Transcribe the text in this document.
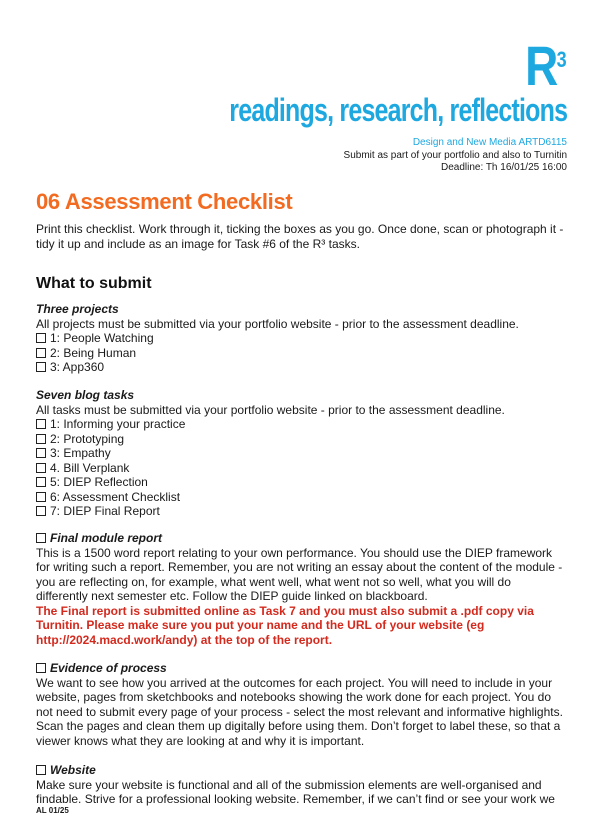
$R^3$
readings, research, reflections
Design and New Media ARTD6115
Submit as part of your portfolio and also to Turnitin
Deadline: Th 16/01/25 16:00
06 Assessment Checklist
Print this checklist. Work through it, ticking the boxes as you go. Once done, scan or photograph it - tidy it up and include as an image for Task #6 of the R³ tasks.
What to submit
Three projects
All projects must be submitted via your portfolio website - prior to the assessment deadline.
1: People Watching
2: Being Human
3: App360
Seven blog tasks
All tasks must be submitted via your portfolio website - prior to the assessment deadline.
1: Informing your practice
2: Prototyping
3: Empathy
4. Bill Verplank
5: DIEP Reflection
6: Assessment Checklist
7: DIEP Final Report
Final module report
This is a 1500 word report relating to your own performance. You should use the DIEP framework for writing such a report. Remember, you are not writing an essay about the content of the module - you are reflecting on, for example, what went well, what went not so well, what you will do differently next semester etc. Follow the DIEP guide linked on blackboard.
The Final report is submitted online as Task 7 and you must also submit a .pdf copy via Turnitin. Please make sure you put your name and the URL of your website (eg http://2024.macd.work/andy) at the top of the report.
Evidence of process
We want to see how you arrived at the outcomes for each project. You will need to include in your website, pages from sketchbooks and notebooks showing the work done for each project. You do not need to submit every page of your process - select the most relevant and informative highlights. Scan the pages and clean them up digitally before using them. Don’t forget to label these, so that a viewer knows what they are looking at and why it is important.
Website
Make sure your website is functional and all of the submission elements are well-organised and findable. Strive for a professional looking website. Remember, if we can’t find or see your work we
AL 01/25
